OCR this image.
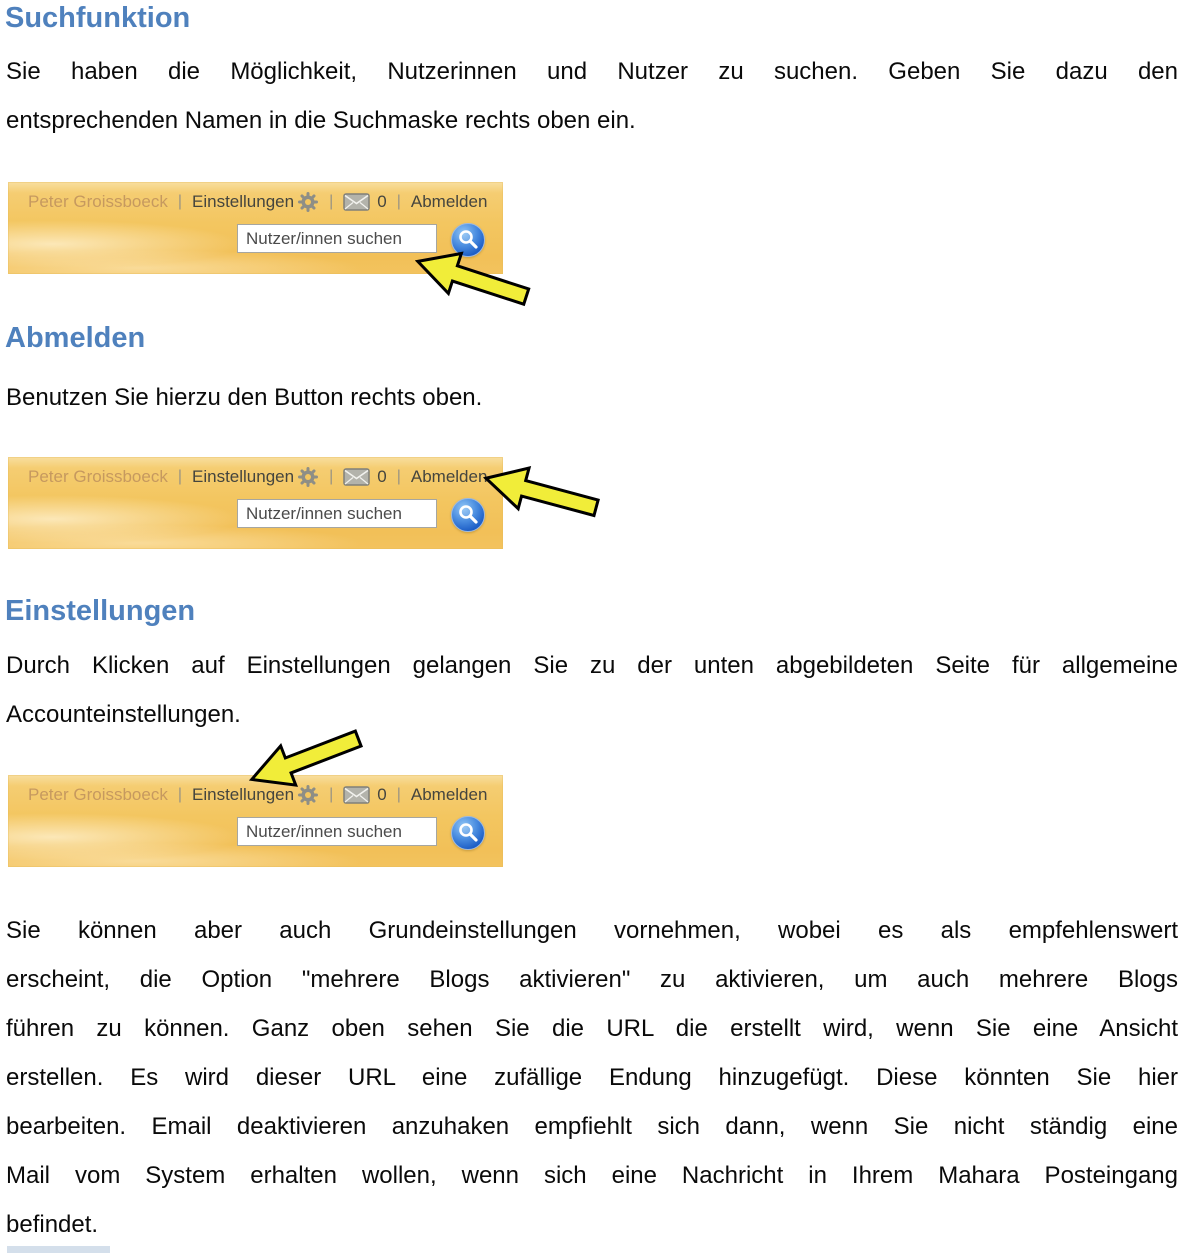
Suchfunktion
Sie haben die Möglichkeit, Nutzerinnen und Nutzer zu suchen. Geben Sie dazu den
entsprechenden Namen in die Suchmaske rechts oben ein.
Peter Groissboeck | Einstellungen |	0 | Abmelden
Nutzer/innen suchen
Abmelden
Benutzen Sie hierzu den Button rechts oben.
Peter Groissboeck | Einstellungen |	0 | Abmelden
Nutzer/innen suchen
Einstellungen
Durch Klicken auf Einstellungen gelangen Sie zu der unten abgebildeten Seite für allgemeine
Accounteinstellungen.
Peter Groissboeck | Einstellungen |	0 | Abmelden
Nutzer/innen suchen
Sie können aber auch Grundeinstellungen vornehmen, wobei es als empfehlenswert
erscheint, die Option "mehrere Blogs aktivieren" zu aktivieren, um auch mehrere Blogs
führen zu können. Ganz oben sehen Sie die URL die erstellt wird, wenn Sie eine Ansicht
erstellen. Es wird dieser URL eine zufällige Endung hinzugefügt. Diese könnten Sie hier
bearbeiten. Email deaktivieren anzuhaken empfiehlt sich dann, wenn Sie nicht ständig eine
Mail vom System erhalten wollen, wenn sich eine Nachricht in Ihrem Mahara Posteingang
befindet.
